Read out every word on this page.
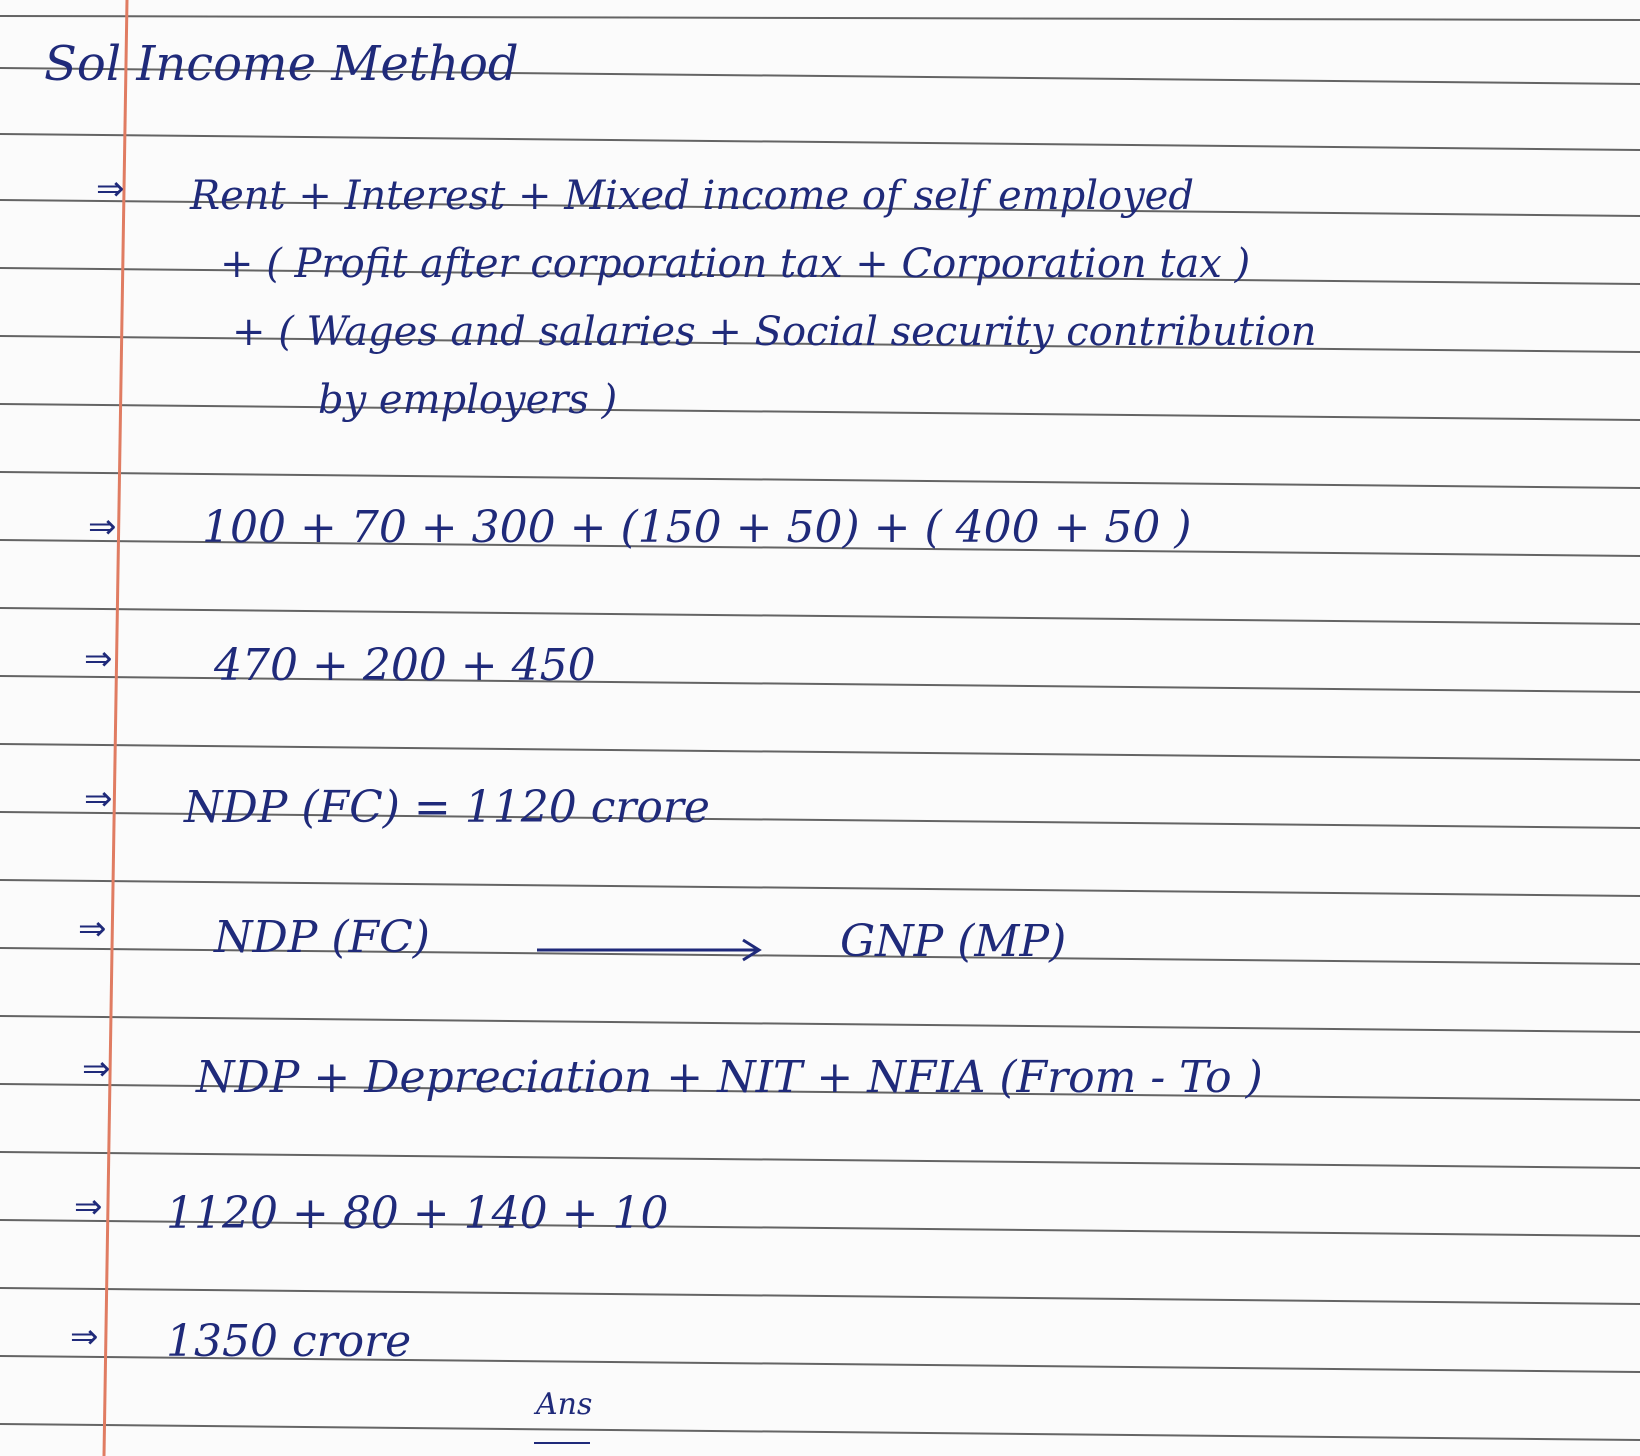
Sol Income Method
⇒ Rent + Interest + Mixed income of self employed
+ ( Profit after corporation tax + Corporation tax )
+ ( Wages and salaries + Social security contribution
by employers )
⇒ 100 + 70 + 300 + (150 + 50) + ( 400 + 50 )
⇒ 470 + 200 + 450
⇒ NDP (FC) = 1120 crore
⇒ NDP (FC)	GNP (MP)
⇒ NDP + Depreciation + NIT + NFIA (From - To )
⇒ 1120 + 80 + 140 + 10
⇒ 1350 crore
Ans
